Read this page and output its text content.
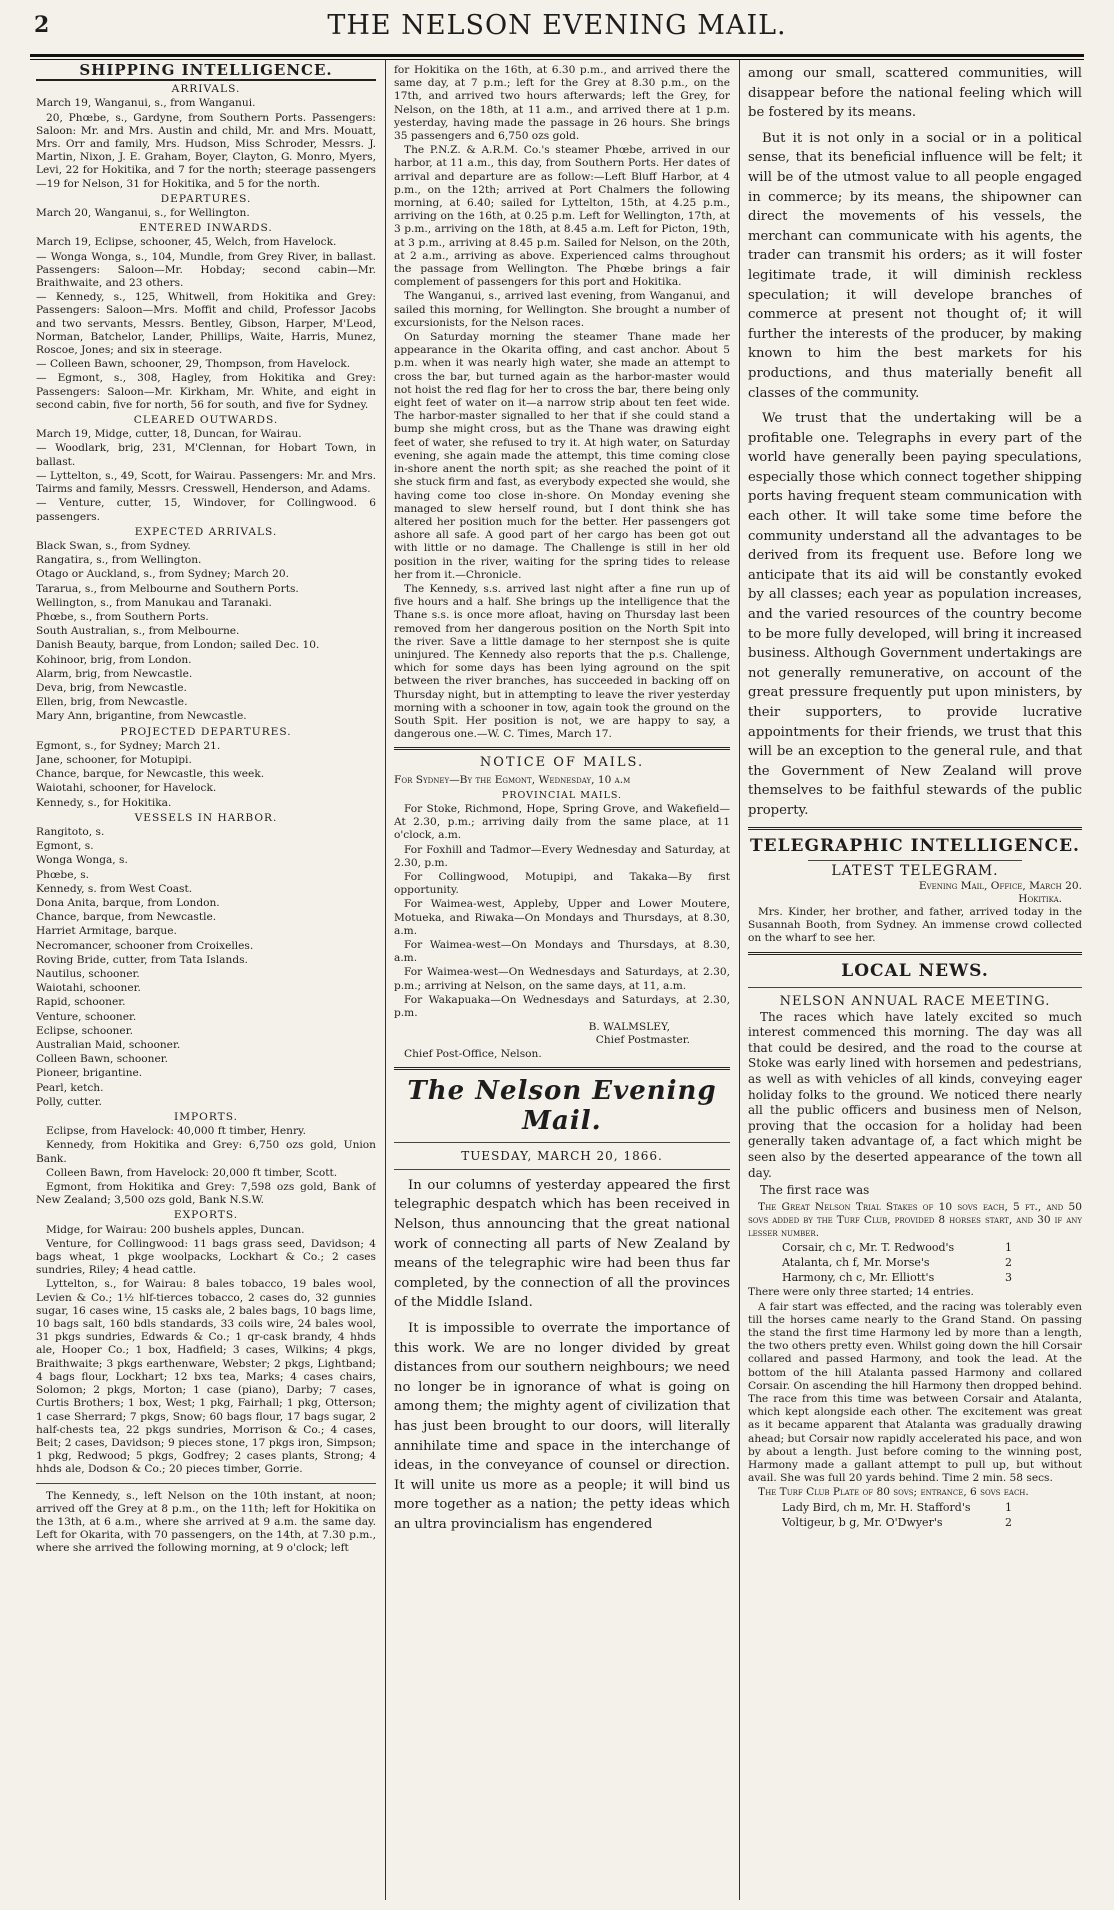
2	THE NELSON EVENING MAIL.
SHIPPING INTELLIGENCE.
ARRIVALS.

March 19, Wanganui, s., from Wanganui.

20, Phœbe, s., Gardyne, from Southern Ports. Passengers: Saloon: Mr. and Mrs. Austin and child, Mr. and Mrs. Mouatt, Mrs. Orr and family, Mrs. Hudson, Miss Schroder, Messrs. J. Martin, Nixon, J. E. Graham, Boyer, Clayton, G. Monro, Myers, Levi, 22 for Hokitika, and 7 for the north; steerage passengers—19 for Nelson, 31 for Hokitika, and 5 for the north.

DEPARTURES.

March 20, Wanganui, s., for Wellington.

ENTERED INWARDS.

March 19, Eclipse, schooner, 45, Welch, from Havelock.

— Wonga Wonga, s., 104, Mundle, from Grey River, in ballast. Passengers: Saloon—Mr. Hobday; second cabin—Mr. Braithwaite, and 23 others.

— Kennedy, s., 125, Whitwell, from Hokitika and Grey: Passengers: Saloon—Mrs. Moffit and child, Professor Jacobs and two servants, Messrs. Bentley, Gibson, Harper, M'Leod, Norman, Batchelor, Lander, Phillips, Waite, Harris, Munez, Roscoe, Jones; and six in steerage.

— Colleen Bawn, schooner, 29, Thompson, from Havelock.

— Egmont, s., 308, Hagley, from Hokitika and Grey: Passengers: Saloon—Mr. Kirkham, Mr. White, and eight in second cabin, five for north, 56 for south, and five for Sydney.

CLEARED OUTWARDS.

March 19, Midge, cutter, 18, Duncan, for Wairau.

— Woodlark, brig, 231, M'Clennan, for Hobart Town, in ballast.

— Lyttelton, s., 49, Scott, for Wairau. Passengers: Mr. and Mrs. Tairms and family, Messrs. Cresswell, Henderson, and Adams.

— Venture, cutter, 15, Windover, for Collingwood. 6 passengers.

EXPECTED ARRIVALS.

Black Swan, s., from Sydney.

Rangatira, s., from Wellington.

Otago or Auckland, s., from Sydney; March 20.

Tararua, s., from Melbourne and Southern Ports.

Wellington, s., from Manukau and Taranaki.

Phœbe, s., from Southern Ports.

South Australian, s., from Melbourne.

Danish Beauty, barque, from London; sailed Dec. 10.

Kohinoor, brig, from London.

Alarm, brig, from Newcastle.

Deva, brig, from Newcastle.

Ellen, brig, from Newcastle.

Mary Ann, brigantine, from Newcastle.

PROJECTED DEPARTURES.

Egmont, s., for Sydney; March 21.

Jane, schooner, for Motupipi.

Chance, barque, for Newcastle, this week.

Waiotahi, schooner, for Havelock.

Kennedy, s., for Hokitika.

VESSELS IN HARBOR.

Rangitoto, s.

Egmont, s.

Wonga Wonga, s.

Phœbe, s.

Kennedy, s. from West Coast.

Dona Anita, barque, from London.

Chance, barque, from Newcastle.

Harriet Armitage, barque.

Necromancer, schooner from Croixelles.

Roving Bride, cutter, from Tata Islands.

Nautilus, schooner.

Waiotahi, schooner.

Rapid, schooner.

Venture, schooner.

Eclipse, schooner.

Australian Maid, schooner.

Colleen Bawn, schooner.

Pioneer, brigantine.

Pearl, ketch.

Polly, cutter.

IMPORTS.

Eclipse, from Havelock: 40,000 ft timber, Henry.

Kennedy, from Hokitika and Grey: 6,750 ozs gold, Union Bank.

Colleen Bawn, from Havelock: 20,000 ft timber, Scott.

Egmont, from Hokitika and Grey: 7,598 ozs gold, Bank of New Zealand; 3,500 ozs gold, Bank N.S.W.

EXPORTS.

Midge, for Wairau: 200 bushels apples, Duncan.

Venture, for Collingwood: 11 bags grass seed, Davidson; 4 bags wheat, 1 pkge woolpacks, Lockhart & Co.; 2 cases sundries, Riley; 4 head cattle.

Lyttelton, s., for Wairau: 8 bales tobacco, 19 bales wool, Levien & Co.; 1½ hlf-tierces tobacco, 2 cases do, 32 gunnies sugar, 16 cases wine, 15 casks ale, 2 bales bags, 10 bags lime, 10 bags salt, 160 bdls standards, 33 coils wire, 24 bales wool, 31 pkgs sundries, Edwards & Co.; 1 qr-cask brandy, 4 hhds ale, Hooper Co.; 1 box, Hadfield; 3 cases, Wilkins; 4 pkgs, Braithwaite; 3 pkgs earthenware, Webster; 2 pkgs, Lightband; 4 bags flour, Lockhart; 12 bxs tea, Marks; 4 cases chairs, Solomon; 2 pkgs, Morton; 1 case (piano), Darby; 7 cases, Curtis Brothers; 1 box, West; 1 pkg, Fairhall; 1 pkg, Otterson; 1 case Sherrard; 7 pkgs, Snow; 60 bags flour, 17 bags sugar, 2 half-chests tea, 22 pkgs sundries, Morrison & Co.; 4 cases, Beit; 2 cases, Davidson; 9 pieces stone, 17 pkgs iron, Simpson; 1 pkg, Redwood; 5 pkgs, Godfrey; 2 cases plants, Strong; 4 hhds ale, Dodson & Co.; 20 pieces timber, Gorrie.

The Kennedy, s., left Nelson on the 10th instant, at noon; arrived off the Grey at 8 p.m., on the 11th; left for Hokitika on the 13th, at 6 a.m., where she arrived at 9 a.m. the same day. Left for Okarita, with 70 passengers, on the 14th, at 7.30 p.m., where she arrived the following morning, at 9 o'clock; left

for Hokitika on the 16th, at 6.30 p.m., and arrived there the same day, at 7 p.m.; left for the Grey at 8.30 p.m., on the 17th, and arrived two hours afterwards; left the Grey, for Nelson, on the 18th, at 11 a.m., and arrived there at 1 p.m. yesterday, having made the passage in 26 hours. She brings 35 passengers and 6,750 ozs gold.

The P.N.Z. & A.R.M. Co.'s steamer Phœbe, arrived in our harbor, at 11 a.m., this day, from Southern Ports. Her dates of arrival and departure are as follow:—Left Bluff Harbor, at 4 p.m., on the 12th; arrived at Port Chalmers the following morning, at 6.40; sailed for Lyttelton, 15th, at 4.25 p.m., arriving on the 16th, at 0.25 p.m. Left for Wellington, 17th, at 3 p.m., arriving on the 18th, at 8.45 a.m. Left for Picton, 19th, at 3 p.m., arriving at 8.45 p.m. Sailed for Nelson, on the 20th, at 2 a.m., arriving as above. Experienced calms throughout the passage from Wellington. The Phœbe brings a fair complement of passengers for this port and Hokitika.

The Wanganui, s., arrived last evening, from Wanganui, and sailed this morning, for Wellington. She brought a number of excursionists, for the Nelson races.

On Saturday morning the steamer Thane made her appearance in the Okarita offing, and cast anchor. About 5 p.m. when it was nearly high water, she made an attempt to cross the bar, but turned again as the harbor-master would not hoist the red flag for her to cross the bar, there being only eight feet of water on it—a narrow strip about ten feet wide. The harbor-master signalled to her that if she could stand a bump she might cross, but as the Thane was drawing eight feet of water, she refused to try it. At high water, on Saturday evening, she again made the attempt, this time coming close in-shore anent the north spit; as she reached the point of it she stuck firm and fast, as everybody expected she would, she having come too close in-shore. On Monday evening she managed to slew herself round, but I dont think she has altered her position much for the better. Her passengers got ashore all safe. A good part of her cargo has been got out with little or no damage. The Challenge is still in her old position in the river, waiting for the spring tides to release her from it.—Chronicle.

The Kennedy, s.s. arrived last night after a fine run up of five hours and a half. She brings up the intelligence that the Thane s.s. is once more afloat, having on Thursday last been removed from her dangerous position on the North Spit into the river. Save a little damage to her sternpost she is quite uninjured. The Kennedy also reports that the p.s. Challenge, which for some days has been lying aground on the spit between the river branches, has succeeded in backing off on Thursday night, but in attempting to leave the river yesterday morning with a schooner in tow, again took the ground on the South Spit. Her position is not, we are happy to say, a dangerous one.—W. C. Times, March 17.

NOTICE OF MAILS.

For Sydney—By the Egmont, Wednesday, 10 a.m

PROVINCIAL MAILS.

For Stoke, Richmond, Hope, Spring Grove, and Wakefield—At 2.30, p.m.; arriving daily from the same place, at 11 o'clock, a.m.

For Foxhill and Tadmor—Every Wednesday and Saturday, at 2.30, p.m.

For Collingwood, Motupipi, and Takaka—By first opportunity.

For Waimea-west, Appleby, Upper and Lower Moutere, Motueka, and Riwaka—On Mondays and Thursdays, at 8.30, a.m.

For Waimea-west—On Mondays and Thursdays, at 8.30, a.m.

For Waimea-west—On Wednesdays and Saturdays, at 2.30, p.m.; arriving at Nelson, on the same days, at 11, a.m.

For Wakapuaka—On Wednesdays and Saturdays, at 2.30, p.m.

B. WALMSLEY,
Chief Postmaster.

Chief Post-Office, Nelson.

The Nelson Evening Mail.
TUESDAY, MARCH 20, 1866.

In our columns of yesterday appeared the first telegraphic despatch which has been received in Nelson, thus announcing that the great national work of connecting all parts of New Zealand by means of the telegraphic wire had been thus far completed, by the connection of all the provinces of the Middle Island.

It is impossible to overrate the importance of this work. We are no longer divided by great distances from our southern neighbours; we need no longer be in ignorance of what is going on among them; the mighty agent of civilization that has just been brought to our doors, will literally annihilate time and space in the interchange of ideas, in the conveyance of counsel or direction. It will unite us more as a people; it will bind us more together as a nation; the petty ideas which an ultra provincialism has engendered

among our small, scattered communities, will disappear before the national feeling which will be fostered by its means.

But it is not only in a social or in a political sense, that its beneficial influence will be felt; it will be of the utmost value to all people engaged in commerce; by its means, the shipowner can direct the movements of his vessels, the merchant can communicate with his agents, the trader can transmit his orders; as it will foster legitimate trade, it will diminish reckless speculation; it will develope branches of commerce at present not thought of; it will further the interests of the producer, by making known to him the best markets for his productions, and thus materially benefit all classes of the community.

We trust that the undertaking will be a profitable one. Telegraphs in every part of the world have generally been paying speculations, especially those which connect together shipping ports having frequent steam communication with each other. It will take some time before the community understand all the advantages to be derived from its frequent use. Before long we anticipate that its aid will be constantly evoked by all classes; each year as population increases, and the varied resources of the country become to be more fully developed, will bring it increased business. Although Government undertakings are not generally remunerative, on account of the great pressure frequently put upon ministers, by their supporters, to provide lucrative appointments for their friends, we trust that this will be an exception to the general rule, and that the Government of New Zealand will prove themselves to be faithful stewards of the public property.

TELEGRAPHIC INTELLIGENCE.
LATEST TELEGRAM.
Evening Mail, Office, March 20.
Hokitika.

Mrs. Kinder, her brother, and father, arrived today in the Susannah Booth, from Sydney. An immense crowd collected on the wharf to see her.

LOCAL NEWS.
NELSON ANNUAL RACE MEETING.

The races which have lately excited so much interest commenced this morning. The day was all that could be desired, and the road to the course at Stoke was early lined with horsemen and pedestrians, as well as with vehicles of all kinds, conveying eager holiday folks to the ground. We noticed there nearly all the public officers and business men of Nelson, proving that the occasion for a holiday had been generally taken advantage of, a fact which might be seen also by the deserted appearance of the town all day.

The first race was

The Great Nelson Trial Stakes of 10 sovs each, 5 ft., and 50 sovs added by the Turf Club, provided 8 horses start, and 30 if any lesser number.

1
Corsair, ch c, Mr. T. Redwood's
2
Atalanta, ch f, Mr. Morse's
3
Harmony, ch c, Mr. Elliott's

There were only three started; 14 entries.

A fair start was effected, and the racing was tolerably even till the horses came nearly to the Grand Stand. On passing the stand the first time Harmony led by more than a length, the two others pretty even. Whilst going down the hill Corsair collared and passed Harmony, and took the lead. At the bottom of the hill Atalanta passed Harmony and collared Corsair. On ascending the hill Harmony then dropped behind. The race from this time was between Corsair and Atalanta, which kept alongside each other. The excitement was great as it became apparent that Atalanta was gradually drawing ahead; but Corsair now rapidly accelerated his pace, and won by about a length. Just before coming to the winning post, Harmony made a gallant attempt to pull up, but without avail. She was full 20 yards behind. Time 2 min. 58 secs.

The Turf Club Plate of 80 sovs; entrance, 6 sovs each.

1
Lady Bird, ch m, Mr. H. Stafford's
2
Voltigeur, b g, Mr. O'Dwyer's
